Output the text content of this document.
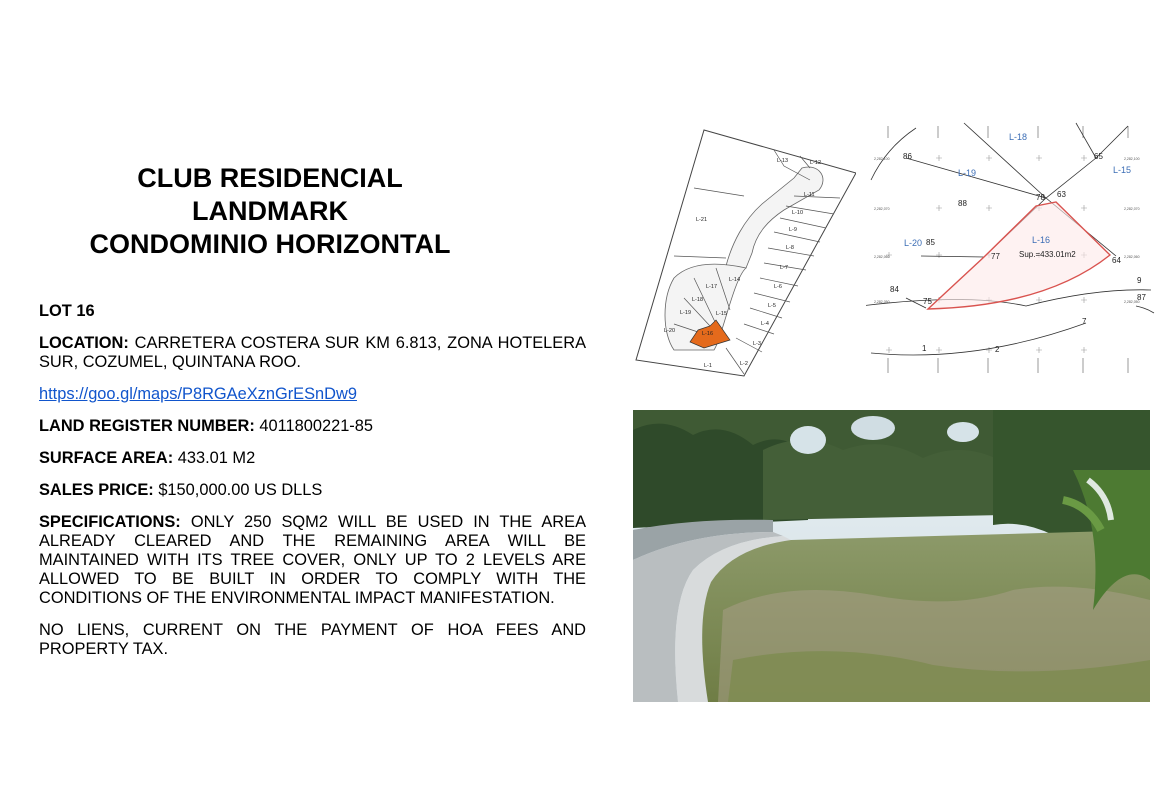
CLUB RESIDENCIAL
LANDMARK
CONDOMINIO HORIZONTAL

LOT 16

LOCATION: CARRETERA COSTERA SUR KM 6.813, ZONA HOTELERA SUR, COZUMEL, QUINTANA ROO.

https://goo.gl/maps/P8RGAeXznGrESnDw9

LAND REGISTER NUMBER: 4011800221-85

SURFACE AREA: 433.01 M2

SALES PRICE: $150,000.00 US DLLS

SPECIFICATIONS: ONLY 250 SQM2 WILL BE USED IN THE AREA ALREADY CLEARED AND THE REMAINING AREA WILL BE MAINTAINED WITH ITS TREE COVER, ONLY UP TO 2 LEVELS ARE ALLOWED TO BE BUILT IN ORDER TO COMPLY WITH THE CONDITIONS OF THE ENVIRONMENTAL IMPACT MANIFESTATION.

NO LIENS, CURRENT ON THE PAYMENT OF HOA FEES AND PROPERTY TAX.

L-13	L-12
L-11
L-10
L-9
L-8
L-7
L-6
L-5
L-4
L-3
L-2
L-1
L-21
L-14
L-17
L-18
L-15
L-19
L-20	L-16
2,282,100
2,282,070
2,282,060
2,282,050
2,282,100
2,282,070
2,282,060
2,282,050
L-18
L-19	L-15
L-16
L-20
Sup.=433.01m2
86	65
78 63
88
85
77	64
84
75
9
87
7
1	2
